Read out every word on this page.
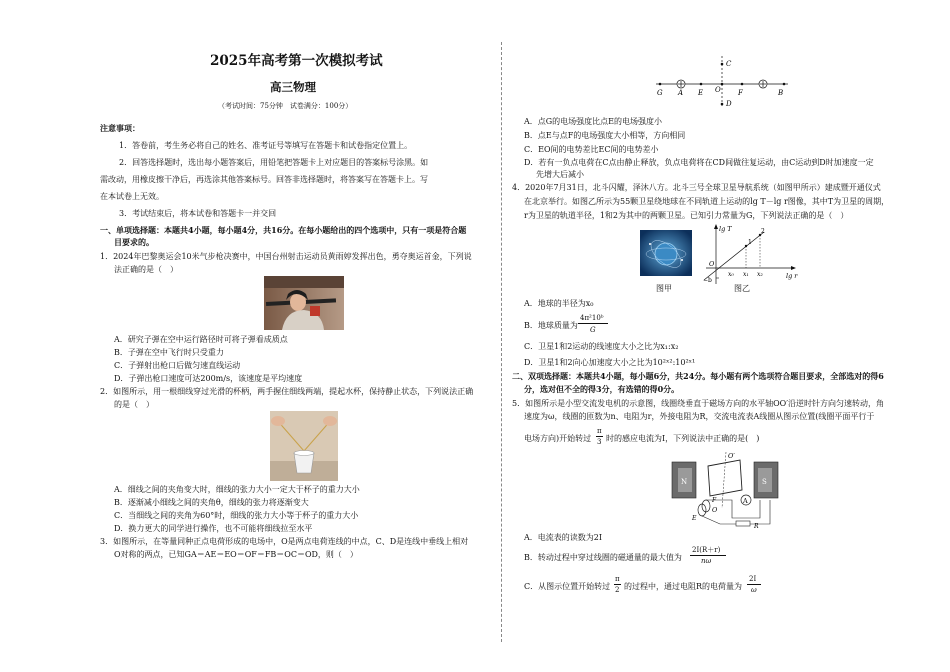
2025年高考第一次模拟考试
高三物理
（考试时间：75分钟　试卷满分：100分）
注意事项：
1．答卷前，考生务必将自己的姓名、准考证号等填写在答题卡和试卷指定位置上。
2．回答选择题时，选出每小题答案后，用铅笔把答题卡上对应题目的答案标号涂黑。如
需改动，用橡皮擦干净后，再选涂其他答案标号。回答非选择题时，将答案写在答题卡上。写
在本试卷上无效。
3．考试结束后，将本试卷和答题卡一并交回
一、单项选择题：本题共4小题，每小题4分，共16分。在每小题给出的四个选项中，只有一项是符合题
目要求的。
1．2024年巴黎奥运会10米气步枪决赛中，中国台州射击运动员黄雨婷发挥出色，勇夺奥运首金，下列说
法正确的是（　）
A．研究子弹在空中运行路径时可将子弹看成质点
B．子弹在空中飞行时只受重力
C．子弹射出枪口后做匀速直线运动
D．子弹出枪口速度可达200m/s，该速度是平均速度
2．如图所示，用一根细线穿过光滑的杯柄，两手握住细线两端，提起水杯，保持静止状态，下列说法正确
的是（　）
A．细线之间的夹角变大时，细线的张力大小一定大于杯子的重力大小
B．逐渐减小细线之间的夹角θ，细线的张力将逐渐变大
C．当细线之间的夹角为60°时，细线的张力大小等于杯子的重力大小
D．换力更大的同学进行操作，也不可能将细线拉至水平
3．如图所示，在等量同种正点电荷形成的电场中，O是两点电荷连线的中点，C、D是连线中垂线上相对
O对称的两点，已知GA＝AE＝EO＝OF＝FB＝OC＝OD，则（　）
G A E O F	B
C
D
A．点G的电场强度比点E的电场强度小
B．点E与点F的电场强度大小相等，方向相同
C．EO间的电势差比EC间的电势差小
D．若有一负点电荷在C点由静止释放，负点电荷将在CD间做往复运动，由C运动到D时加速度一定
先增大后减小
4．2020年7月31日，北斗闪耀，泽沐八方。北斗三号全球卫星导航系统（如图甲所示）建成暨开通仪式
在北京举行。如图乙所示为55颗卫星绕地球在不同轨道上运动的lg T－lg r图像，其中T为卫星的周期，
r为卫星的轨道半径，1和2为其中的两颗卫星。已知引力常量为G，下列说法正确的是（　）
图甲
lg T
lg r
O
−b
x₀ x₁ x₂
1
2
图乙
A．地球的半径为x₀
B．地球质量为
4π²10ᵇ
G
C．卫星1和2运动的线速度大小之比为x₁:x₂
D．卫星1和2向心加速度大小之比为10²ˣ²:10²ˣ¹
二、双项选择题：本题共4小题，每小题6分，共24分。每小题有两个选项符合题目要求，全部选对的得6
分，选对但不全的得3分，有选错的得0分。
5．如图所示是小型交流发电机的示意图，线圈绕垂直于磁场方向的水平轴OO′沿逆时针方向匀速转动，角
速度为ω，线圈的匝数为n、电阻为r，外接电阻为R，交流电流表A线圈从图示位置(线圈平面平行于
电场方向)开始转过
π
3 时的感应电流为I，下列说法中正确的是(　)
N	S
O′
O
E
F	A
R
A．电流表的读数为2I
B．转动过程中穿过线圈的磁通量的最大值为
2I(R＋r)
nω
C．从图示位置开始转过
π
2 的过程中，通过电阻R的电荷量为
2I
ω
